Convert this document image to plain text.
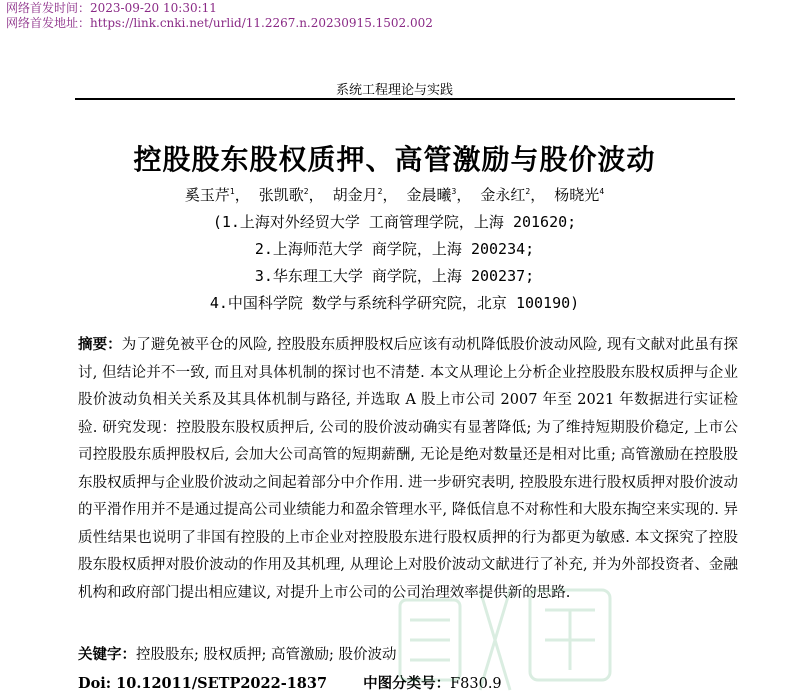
网络首发时间：2023-09-20 10:30:11
网络首发地址：https://link.cnki.net/urlid/11.2267.n.20230915.1502.002
系统工程理论与实践
控股股东股权质押、高管激励与股价波动
奚玉芹$^1$， 张凯歌$^2$， 胡金月$^2$， 金晨曦$^3$， 金永红$^2$， 杨晓光$^4$
(1.上海对外经贸大学 工商管理学院，上海 201620;
2.上海师范大学 商学院，上海 200234;
3.华东理工大学 商学院，上海 200237;
4.中国科学院 数学与系统科学研究院，北京 100190)
摘要：为了避免被平仓的风险, 控股股东质押股权后应该有动机降低股价波动风险, 现有文献对此虽有探讨, 但结论并不一致, 而且对具体机制的探讨也不清楚. 本文从理论上分析企业控股股东股权质押与企业股价波动负相关关系及其具体机制与路径, 并选取 A 股上市公司 2007 年至 2021 年数据进行实证检验. 研究发现：控股股东股权质押后, 公司的股价波动确实有显著降低; 为了维持短期股价稳定, 上市公司控股股东质押股权后, 会加大公司高管的短期薪酬, 无论是绝对数量还是相对比重; 高管激励在控股股东股权质押与企业股价波动之间起着部分中介作用. 进一步研究表明, 控股股东进行股权质押对股价波动的平滑作用并不是通过提高公司业绩能力和盈余管理水平, 降低信息不对称性和大股东掏空来实现的. 异质性结果也说明了非国有控股的上市企业对控股股东进行股权质押的行为都更为敏感. 本文探究了控股股东股权质押对股价波动的作用及其机理, 从理论上对股价波动文献进行了补充, 并为外部投资者、金融机构和政府部门提出相应建议, 对提升上市公司的公司治理效率提供新的思路.
关键字：控股股东; 股权质押; 高管激励; 股价波动
Doi: 10.12011/SETP2022-1837 中图分类号：F830.9
